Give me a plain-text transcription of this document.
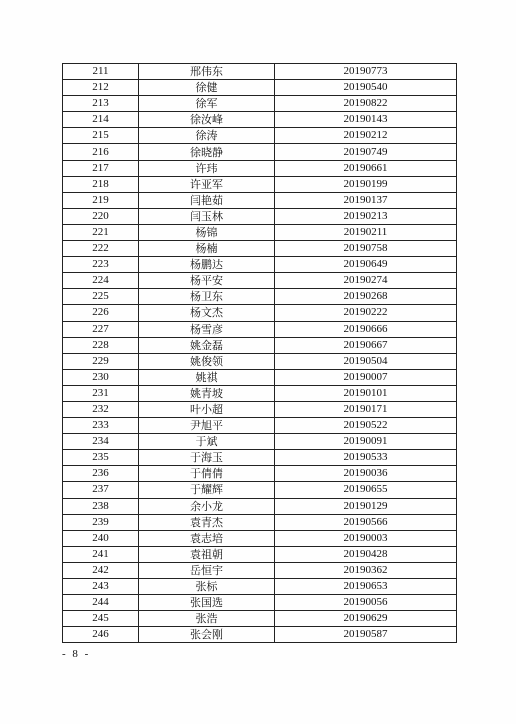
211	邢伟东	20190773
212	徐健	20190540
213	徐军	20190822
214	徐汝峰	20190143
215	徐涛	20190212
216	徐晓静	20190749
217	许玮	20190661
218	许亚军	20190199
219	闫艳茹	20190137
220	闫玉林	20190213
221	杨锦	20190211
222	杨楠	20190758
223	杨鹏达	20190649
224	杨平安	20190274
225	杨卫东	20190268
226	杨文杰	20190222
227	杨雪彦	20190666
228	姚金磊	20190667
229	姚俊领	20190504
230	姚祺	20190007
231	姚青坡	20190101
232	叶小超	20190171
233	尹旭平	20190522
234	于斌	20190091
235	于海玉	20190533
236	于倩倩	20190036
237	于耀辉	20190655
238	余小龙	20190129
239	袁青杰	20190566
240	袁志培	20190003
241	袁祖朝	20190428
242	岳恒宇	20190362
243	张标	20190653
244	张国选	20190056
245	张浩	20190629
246	张会刚	20190587
- 8 -
